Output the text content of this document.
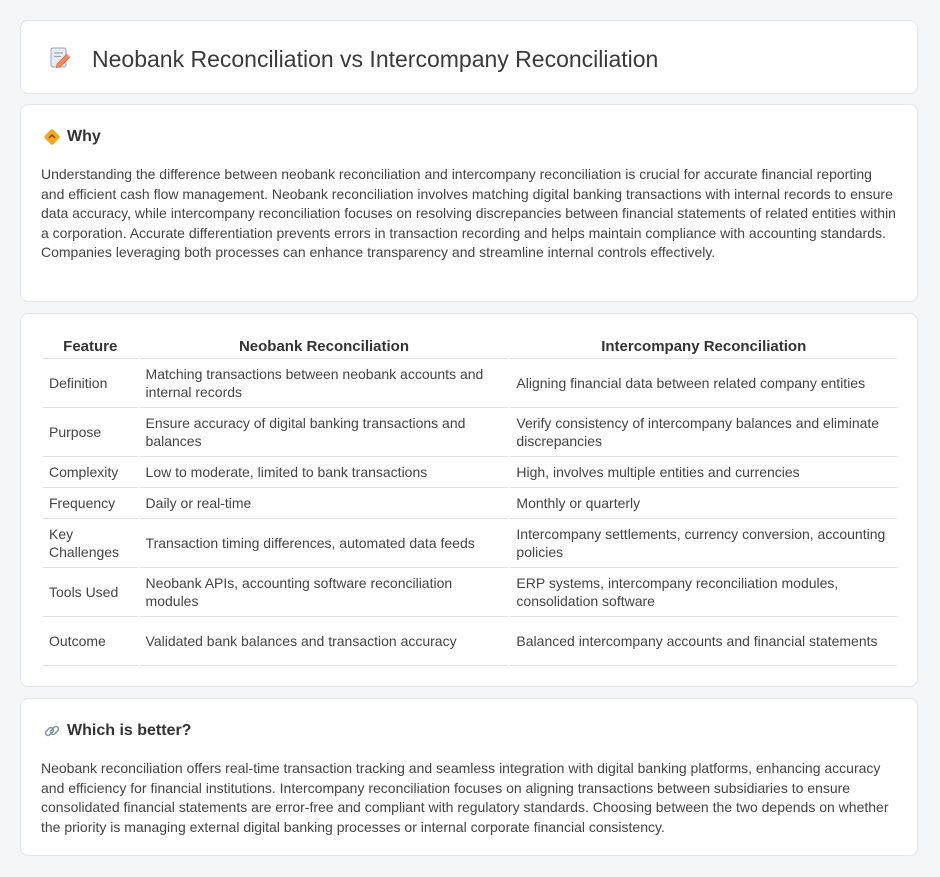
Neobank Reconciliation vs Intercompany Reconciliation
Why

Understanding the difference between neobank reconciliation and intercompany reconciliation is crucial for accurate financial reporting and efficient cash flow management. Neobank reconciliation involves matching digital banking transactions with internal records to ensure data accuracy, while intercompany reconciliation focuses on resolving discrepancies between financial statements of related entities within a corporation. Accurate differentiation prevents errors in transaction recording and helps maintain compliance with accounting standards. Companies leveraging both processes can enhance transparency and streamline internal controls effectively.

Feature	Neobank Reconciliation	Intercompany Reconciliation
Definition	Matching transactions between neobank accounts and internal records	Aligning financial data between related company entities
Purpose	Ensure accuracy of digital banking transactions and balances	Verify consistency of intercompany balances and eliminate discrepancies
Complexity	Low to moderate, limited to bank transactions	High, involves multiple entities and currencies
Frequency	Daily or real-time	Monthly or quarterly
Key Challenges	Transaction timing differences, automated data feeds	Intercompany settlements, currency conversion, accounting policies
Tools Used	Neobank APIs, accounting software reconciliation modules	ERP systems, intercompany reconciliation modules, consolidation software
Outcome	Validated bank balances and transaction accuracy	Balanced intercompany accounts and financial statements
Which is better?

Neobank reconciliation offers real-time transaction tracking and seamless integration with digital banking platforms, enhancing accuracy and efficiency for financial institutions. Intercompany reconciliation focuses on aligning transactions between subsidiaries to ensure consolidated financial statements are error-free and compliant with regulatory standards. Choosing between the two depends on whether the priority is managing external digital banking processes or internal corporate financial consistency.
